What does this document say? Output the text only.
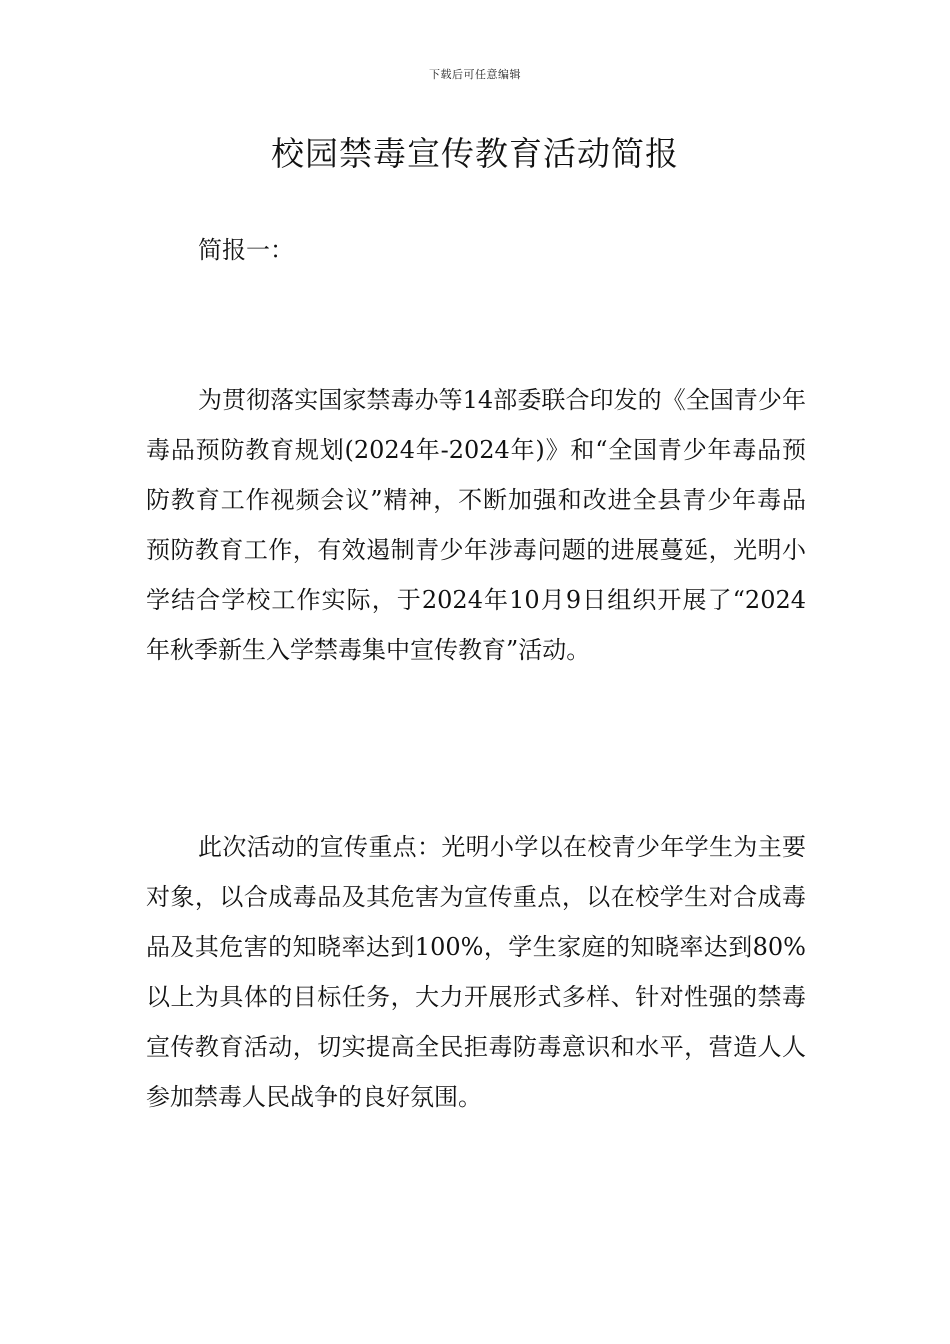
下载后可任意编辑
校园禁毒宣传教育活动简报
简报一：

为贯彻落实国家禁毒办等14部委联合印发的《全国青少年毒品预防教育规划(2024年-2024年)》和“全国青少年毒品预防教育工作视频会议”精神，不断加强和改进全县青少年毒品预防教育工作，有效遏制青少年涉毒问题的进展蔓延，光明小学结合学校工作实际，于2024年10月9日组织开展了“2024年秋季新生入学禁毒集中宣传教育”活动。

此次活动的宣传重点：光明小学以在校青少年学生为主要对象，以合成毒品及其危害为宣传重点，以在校学生对合成毒品及其危害的知晓率达到100%，学生家庭的知晓率达到80%以上为具体的目标任务，大力开展形式多样、针对性强的禁毒宣传教育活动，切实提高全民拒毒防毒意识和水平，营造人人参加禁毒人民战争的良好氛围。
